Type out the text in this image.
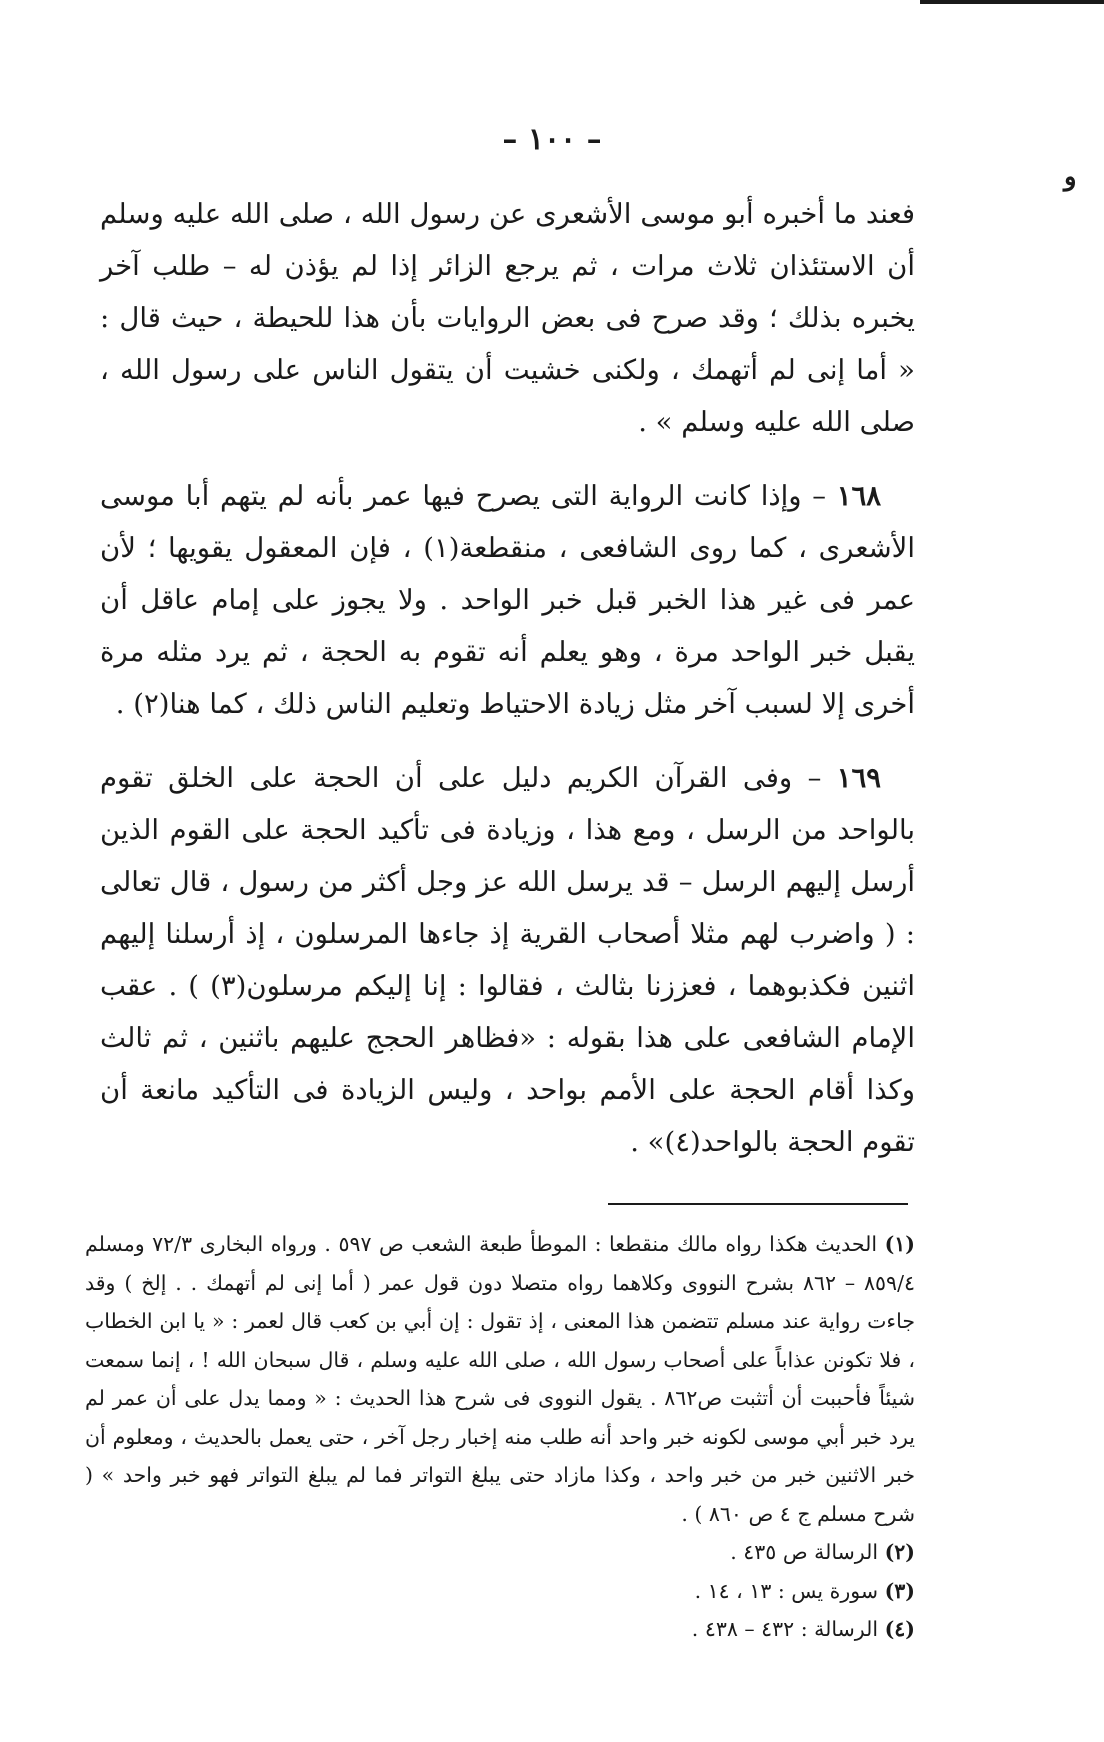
ﻭ
– ١٠٠ –

فعند ما أخبره أبو موسى الأشعرى عن رسول الله ، صلى الله عليه وسلم أن الاستئذان ثلاث مرات ، ثم يرجع الزائر إذا لم يؤذن له – طلب آخر يخبره بذلك ؛ وقد صرح فى بعض الروايات بأن هذا للحيطة ، حيث قال : « أما إنى لم أتهمك ، ولكنى خشيت أن يتقول الناس على رسول الله ، صلى الله عليه وسلم » .

١٦٨ – وإذا كانت الرواية التى يصرح فيها عمر بأنه لم يتهم أبا موسى الأشعرى ، كما روى الشافعى ، منقطعة(١) ، فإن المعقول يقويها ؛ لأن عمر فى غير هذا الخبر قبل خبر الواحد . ولا يجوز على إمام عاقل أن يقبل خبر الواحد مرة ، وهو يعلم أنه تقوم به الحجة ، ثم يرد مثله مرة أخرى إلا لسبب آخر مثل زيادة الاحتياط وتعليم الناس ذلك ، كما هنا(٢) .

١٦٩ – وفى القرآن الكريم دليل على أن الحجة على الخلق تقوم بالواحد من الرسل ، ومع هذا ، وزيادة فى تأكيد الحجة على القوم الذين أرسل إليهم الرسل – قد يرسل الله عز وجل أكثر من رسول ، قال تعالى : ( واضرب لهم مثلا أصحاب القرية إذ جاءها المرسلون ، إذ أرسلنا إليهم اثنين فكذبوهما ، فعززنا بثالث ، فقالوا : إنا إليكم مرسلون(٣) ) . عقب الإمام الشافعى على هذا بقوله : «فظاهر الحجج عليهم باثنين ، ثم ثالث وكذا أقام الحجة على الأمم بواحد ، وليس الزيادة فى التأكيد مانعة أن تقوم الحجة بالواحد(٤)» .

(١) الحديث هكذا رواه مالك منقطعا : الموطأ طبعة الشعب ص ٥٩٧ . ورواه البخارى ٧٢/٣ ومسلم ٨٥٩/٤ – ٨٦٢ بشرح النووى وكلاهما رواه متصلا دون قول عمر ( أما إنى لم أتهمك . . إلخ ) وقد جاءت رواية عند مسلم تتضمن هذا المعنى ، إذ تقول : إن أبي بن كعب قال لعمر : « يا ابن الخطاب ، فلا تكونن عذاباً على أصحاب رسول الله ، صلى الله عليه وسلم ، قال سبحان الله ! ، إنما سمعت شيئاً فأحببت أن أتثبت ص٨٦٢ . يقول النووى فى شرح هذا الحديث : « ومما يدل على أن عمر لم يرد خبر أبي موسى لكونه خبر واحد أنه طلب منه إخبار رجل آخر ، حتى يعمل بالحديث ، ومعلوم أن خبر الاثنين خبر من خبر واحد ، وكذا مازاد حتى يبلغ التواتر فما لم يبلغ التواتر فهو خبر واحد » ( شرح مسلم ج ٤ ص ٨٦٠ ) .

(٢) الرسالة ص ٤٣٥ .

(٣) سورة يس : ١٣ ، ١٤ .

(٤) الرسالة : ٤٣٢ – ٤٣٨ .
